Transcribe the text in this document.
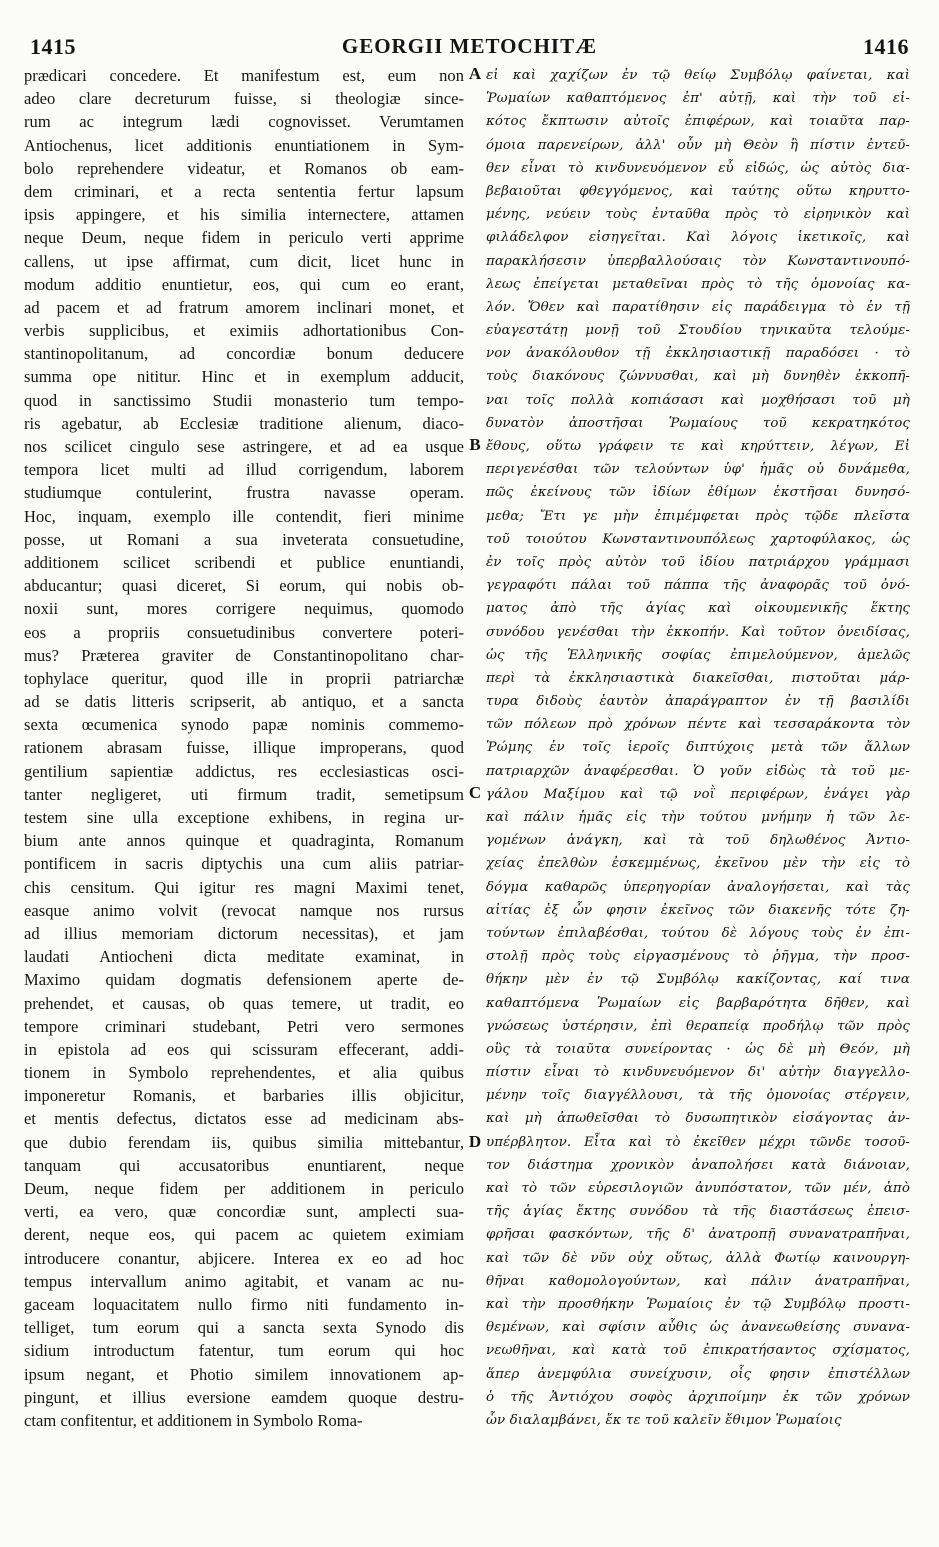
1415	GEORGII METOCHITÆ	1416
prædicari concedere. Et manifestum est, eum non
adeo clare decreturum fuisse, si theologiæ since-
rum ac integrum lædi cognovisset. Verumtamen
Antiochenus, licet additionis enuntiationem in Sym-
bolo reprehendere videatur, et Romanos ob eam-
dem criminari, et a recta sententia fertur lapsum
ipsis appingere, et his similia internectere, attamen
neque Deum, neque fidem in periculo verti apprime
callens, ut ipse affirmat, cum dicit, licet hunc in
modum additio enuntietur, eos, qui cum eo erant,
ad pacem et ad fratrum amorem inclinari monet, et
verbis supplicibus, et eximiis adhortationibus Con-
stantinopolitanum, ad concordiæ bonum deducere
summa ope nititur. Hinc et in exemplum adducit,
quod in sanctissimo Studii monasterio tum tempo-
ris agebatur, ab Ecclesiæ traditione alienum, diaco-
nos scilicet cingulo sese astringere, et ad ea usque
tempora licet multi ad illud corrigendum, laborem
studiumque contulerint, frustra navasse operam.
Hoc, inquam, exemplo ille contendit, fieri minime
posse, ut Romani a sua inveterata consuetudine,
additionem scilicet scribendi et publice enuntiandi,
abducantur; quasi diceret, Si eorum, qui nobis ob-
noxii sunt, mores corrigere nequimus, quomodo
eos a propriis consuetudinibus convertere poteri-
mus? Præterea graviter de Constantinopolitano char-
tophylace queritur, quod ille in proprii patriarchæ
ad se datis litteris scripserit, ab antiquo, et a sancta
sexta œcumenica synodo papæ nominis commemo-
rationem abrasam fuisse, illique improperans, quod
gentilium sapientiæ addictus, res ecclesiasticas osci-
tanter negligeret, uti firmum tradit, semetipsum
testem sine ulla exceptione exhibens, in regina ur-
bium ante annos quinque et quadraginta, Romanum
pontificem in sacris diptychis una cum aliis patriar-
chis censitum. Qui igitur res magni Maximi tenet,
easque animo volvit (revocat namque nos rursus
ad illius memoriam dictorum necessitas), et jam
laudati Antiocheni dicta meditate examinat, in
Maximo quidam dogmatis defensionem aperte de-
prehendet, et causas, ob quas temere, ut tradit, eo
tempore criminari studebant, Petri vero sermones
in epistola ad eos qui scissuram effecerant, addi-
tionem in Symbolo reprehendentes, et alia quibus
imponeretur Romanis, et barbaries illis objicitur,
et mentis defectus, dictatos esse ad medicinam abs-
que dubio ferendam iis, quibus similia mittebantur,
tanquam qui accusatoribus enuntiarent, neque
Deum, neque fidem per additionem in periculo
verti, ea vero, quæ concordiæ sunt, amplecti sua-
derent, neque eos, qui pacem ac quietem eximiam
introducere conantur, abjicere. Interea ex eo ad hoc
tempus intervallum animo agitabit, et vanam ac nu-
gaceam loquacitatem nullo firmo niti fundamento in-
telliget, tum eorum qui a sancta sexta Synodo dis
sidium introductum fatentur, tum eorum qui hoc
ipsum negant, et Photio similem innovationem ap-
pingunt, et illius eversione eamdem quoque destru-
ctam confitentur, et additionem in Symbolo Roma-
A
B
C
D
εἰ καὶ χαχίζων ἐν τῷ θείῳ Συμβόλῳ φαίνεται, καὶ
Ῥωμαίων καθαπτόμενος ἐπ' αὐτῇ, καὶ τὴν τοῦ εἰ-
κότος ἔκπτωσιν αὐτοῖς ἐπιφέρων, καὶ τοιαῦτα παρ-
όμοια παρενείρων, ἀλλ' οὖν μὴ Θεὸν ἢ πίστιν ἐντεῦ-
θεν εἶναι τὸ κινδυνευόμενον εὖ εἰδώς, ὡς αὐτὸς δια-
βεβαιοῦται φθεγγόμενος, καὶ ταύτης οὕτω κηρυττο-
μένης, νεύειν τοὺς ἐνταῦθα πρὸς τὸ εἰρηνικὸν καὶ
φιλάδελφον εἰσηγεῖται. Καὶ λόγοις ἱκετικοῖς, καὶ
παρακλήσεσιν ὑπερβαλλούσαις τὸν Κωνσταντινουπό-
λεως ἐπείγεται μεταθεῖναι πρὸς τὸ τῆς ὁμονοίας κα-
λόν. Ὅθεν καὶ παρατίθησιν εἰς παράδειγμα τὸ ἐν τῇ
εὐαγεστάτῃ μονῇ τοῦ Στουδίου τηνικαῦτα τελούμε-
νον ἀνακόλουθον τῇ ἐκκλησιαστικῇ παραδόσει · τὸ
τοὺς διακόνους ζώννυσθαι, καὶ μὴ δυνηθὲν ἐκκοπῆ-
ναι τοῖς πολλὰ κοπιάσασι καὶ μοχθήσασι τοῦ μὴ
δυνατὸν ἀποστῆσαι Ῥωμαίους τοῦ κεκρατηκότος
ἔθους, οὕτω γράφειν τε καὶ κηρύττειν, λέγων, Εἰ
περιγενέσθαι τῶν τελούντων ὑφ' ἡμᾶς οὐ δυνάμεθα,
πῶς ἐκείνους τῶν ἰδίων ἐθίμων ἐκστῆσαι δυνησό-
μεθα; Ἔτι γε μὴν ἐπιμέμφεται πρὸς τῷδε πλεῖστα
τοῦ τοιούτου Κωνσταντινουπόλεως χαρτοφύλακος, ὡς
ἐν τοῖς πρὸς αὐτὸν τοῦ ἰδίου πατριάρχου γράμμασι
γεγραφότι πάλαι τοῦ πάππα τῆς ἀναφορᾶς τοῦ ὀνό-
ματος ἀπὸ τῆς ἁγίας καὶ οἰκουμενικῆς ἕκτης
συνόδου γενέσθαι τὴν ἐκκοπήν. Καὶ τοῦτον ὀνειδίσας,
ὡς τῆς Ἑλληνικῆς σοφίας ἐπιμελούμενον, ἀμελῶς
περὶ τὰ ἐκκλησιαστικὰ διακεῖσθαι, πιστοῦται μάρ-
τυρα διδοὺς ἑαυτὸν ἀπαράγραπτον ἐν τῇ βασιλίδι
τῶν πόλεων πρὸ χρόνων πέντε καὶ τεσσαράκοντα τὸν
Ῥώμης ἐν τοῖς ἱεροῖς διπτύχοις μετὰ τῶν ἄλλων
πατριαρχῶν ἀναφέρεσθαι. Ὁ γοῦν εἰδὼς τὰ τοῦ με-
γάλου Μαξίμου καὶ τῷ νοῒ περιφέρων, ἐνάγει γὰρ
καὶ πάλιν ἡμᾶς εἰς τὴν τούτου μνήμην ἡ τῶν λε-
γομένων ἀνάγκη, καὶ τὰ τοῦ δηλωθένος Ἀντιο-
χείας ἐπελθὼν ἐσκεμμένως, ἐκεῖνου μὲν τὴν εἰς τὸ
δόγμα καθαρῶς ὑπερηγορίαν ἀναλογήσεται, καὶ τὰς
αἰτίας ἐξ ὧν φησιν ἐκεῖνος τῶν διακενῆς τότε ζη-
τούντων ἐπιλαβέσθαι, τούτου δὲ λόγους τοὺς ἐν ἐπι-
στολῇ πρὸς τοὺς εἰργασμένους τὸ ῥῆγμα, τὴν προσ-
θήκην μὲν ἐν τῷ Συμβόλῳ κακίζοντας, καί τινα
καθαπτόμενα Ῥωμαίων εἰς βαρβαρότητα δῆθεν, καὶ
γνώσεως ὑστέρησιν, ἐπὶ θεραπείᾳ προδήλῳ τῶν πρὸς
οὓς τὰ τοιαῦτα συνείροντας · ὡς δὲ μὴ Θεόν, μὴ
πίστιν εἶναι τὸ κινδυνευόμενον δι' αὐτὴν διαγγελλο-
μένην τοῖς διαγγέλλουσι, τὰ τῆς ὁμονοίας στέργειν,
καὶ μὴ ἀπωθεῖσθαι τὸ δυσωπητικὸν εἰσάγοντας ἀν-
υπέρβλητον. Εἶτα καὶ τὸ ἐκεῖθεν μέχρι τῶνδε τοσοῦ-
τον διάστημα χρονικὸν ἀναπολήσει κατὰ διάνοιαν,
καὶ τὸ τῶν εὑρεσιλογιῶν ἀνυπόστατον, τῶν μέν, ἀπὸ
τῆς ἁγίας ἕκτης συνόδου τὰ τῆς διαστάσεως ἐπεισ-
φρῆσαι φασκόντων, τῆς δ' ἀνατροπῇ συνανατραπῆναι,
καὶ τῶν δὲ νῦν οὐχ οὕτως, ἀλλὰ Φωτίῳ καινουργη-
θῆναι καθομολογούντων, καὶ πάλιν ἀνατραπῆναι,
καὶ τὴν προσθήκην Ῥωμαίοις ἐν τῷ Συμβόλῳ προστι-
θεμένων, καὶ σφίσιν αὖθις ὡς ἀνανεωθείσης συνανα-
νεωθῆναι, καὶ κατὰ τοῦ ἐπικρατήσαντος σχίσματος,
ἅπερ ἀνεμφύλια συνείχυσιν, οἷς φησιν ἐπιστέλλων
ὁ τῆς Ἀντιόχου σοφὸς ἀρχιποίμην ἐκ τῶν χρόνων
ὧν διαλαμβάνει, ἔκ τε τοῦ καλεῖν ἔθιμον Ῥωμαίοις
